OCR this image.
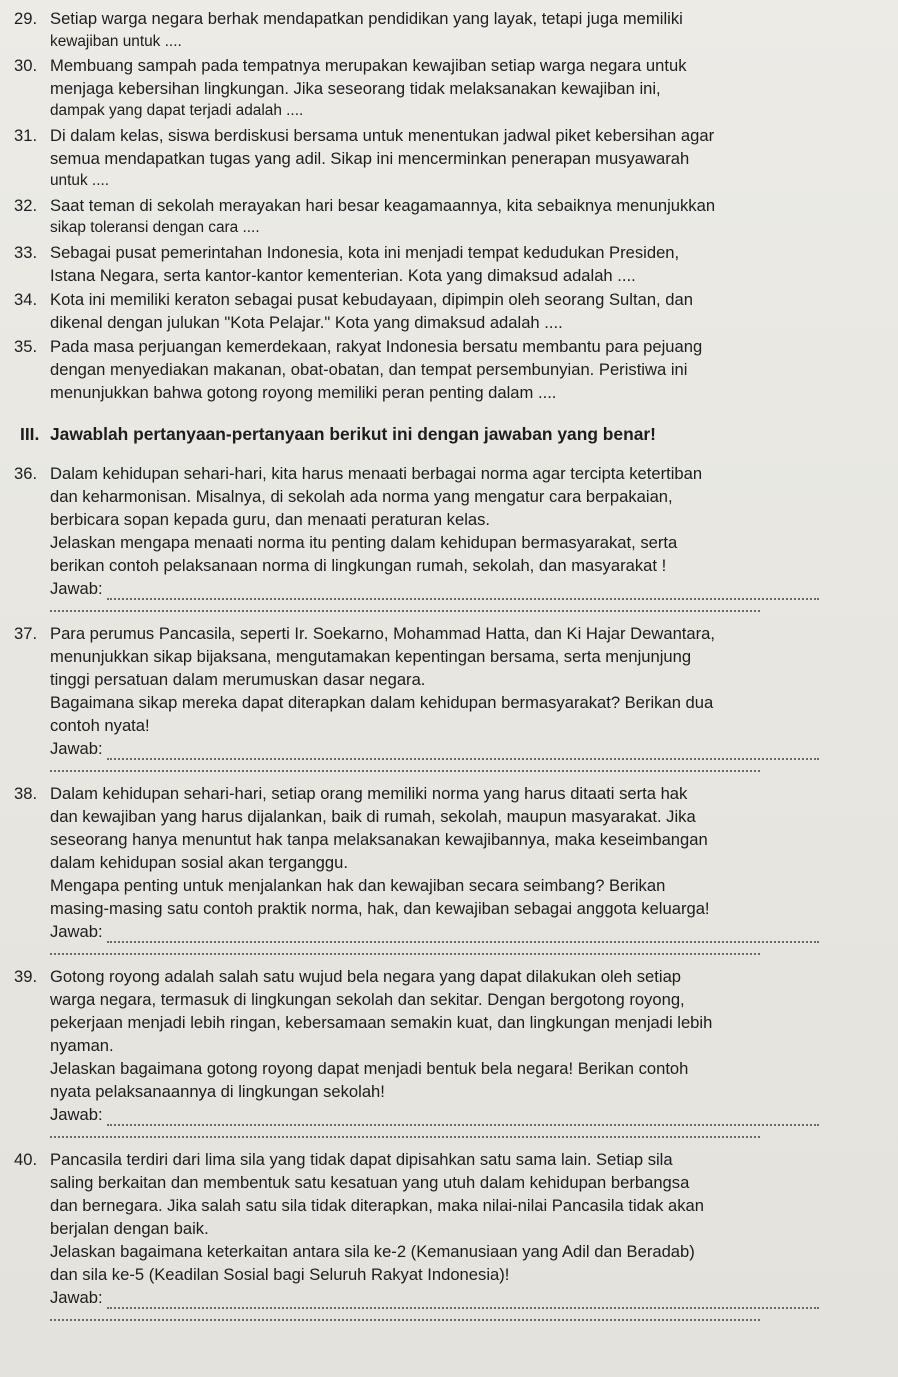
29. Setiap warga negara berhak mendapatkan pendidikan yang layak, tetapi juga memiliki
kewajiban untuk ....
30. Membuang sampah pada tempatnya merupakan kewajiban setiap warga negara untuk
menjaga kebersihan lingkungan. Jika seseorang tidak melaksanakan kewajiban ini,
dampak yang dapat terjadi adalah ....
31. Di dalam kelas, siswa berdiskusi bersama untuk menentukan jadwal piket kebersihan agar
semua mendapatkan tugas yang adil. Sikap ini mencerminkan penerapan musyawarah
untuk ....
32. Saat teman di sekolah merayakan hari besar keagamaannya, kita sebaiknya menunjukkan
sikap toleransi dengan cara ....
33. Sebagai pusat pemerintahan Indonesia, kota ini menjadi tempat kedudukan Presiden,
Istana Negara, serta kantor-kantor kementerian. Kota yang dimaksud adalah ....
34. Kota ini memiliki keraton sebagai pusat kebudayaan, dipimpin oleh seorang Sultan, dan
dikenal dengan julukan "Kota Pelajar." Kota yang dimaksud adalah ....
35. Pada masa perjuangan kemerdekaan, rakyat Indonesia bersatu membantu para pejuang
dengan menyediakan makanan, obat-obatan, dan tempat persembunyian. Peristiwa ini
menunjukkan bahwa gotong royong memiliki peran penting dalam ....
III. Jawablah pertanyaan-pertanyaan berikut ini dengan jawaban yang benar!
36. Dalam kehidupan sehari-hari, kita harus menaati berbagai norma agar tercipta ketertiban
dan keharmonisan. Misalnya, di sekolah ada norma yang mengatur cara berpakaian,
berbicara sopan kepada guru, dan menaati peraturan kelas.
Jelaskan mengapa menaati norma itu penting dalam kehidupan bermasyarakat, serta
berikan contoh pelaksanaan norma di lingkungan rumah, sekolah, dan masyarakat !
Jawab:
37. Para perumus Pancasila, seperti Ir. Soekarno, Mohammad Hatta, dan Ki Hajar Dewantara,
menunjukkan sikap bijaksana, mengutamakan kepentingan bersama, serta menjunjung
tinggi persatuan dalam merumuskan dasar negara.
Bagaimana sikap mereka dapat diterapkan dalam kehidupan bermasyarakat? Berikan dua
contoh nyata!
Jawab:
38. Dalam kehidupan sehari-hari, setiap orang memiliki norma yang harus ditaati serta hak
dan kewajiban yang harus dijalankan, baik di rumah, sekolah, maupun masyarakat. Jika
seseorang hanya menuntut hak tanpa melaksanakan kewajibannya, maka keseimbangan
dalam kehidupan sosial akan terganggu.
Mengapa penting untuk menjalankan hak dan kewajiban secara seimbang? Berikan
masing-masing satu contoh praktik norma, hak, dan kewajiban sebagai anggota keluarga!
Jawab:
39. Gotong royong adalah salah satu wujud bela negara yang dapat dilakukan oleh setiap
warga negara, termasuk di lingkungan sekolah dan sekitar. Dengan bergotong royong,
pekerjaan menjadi lebih ringan, kebersamaan semakin kuat, dan lingkungan menjadi lebih
nyaman.
Jelaskan bagaimana gotong royong dapat menjadi bentuk bela negara! Berikan contoh
nyata pelaksanaannya di lingkungan sekolah!
Jawab:
40. Pancasila terdiri dari lima sila yang tidak dapat dipisahkan satu sama lain. Setiap sila
saling berkaitan dan membentuk satu kesatuan yang utuh dalam kehidupan berbangsa
dan bernegara. Jika salah satu sila tidak diterapkan, maka nilai-nilai Pancasila tidak akan
berjalan dengan baik.
Jelaskan bagaimana keterkaitan antara sila ke-2 (Kemanusiaan yang Adil dan Beradab)
dan sila ke-5 (Keadilan Sosial bagi Seluruh Rakyat Indonesia)!
Jawab:
